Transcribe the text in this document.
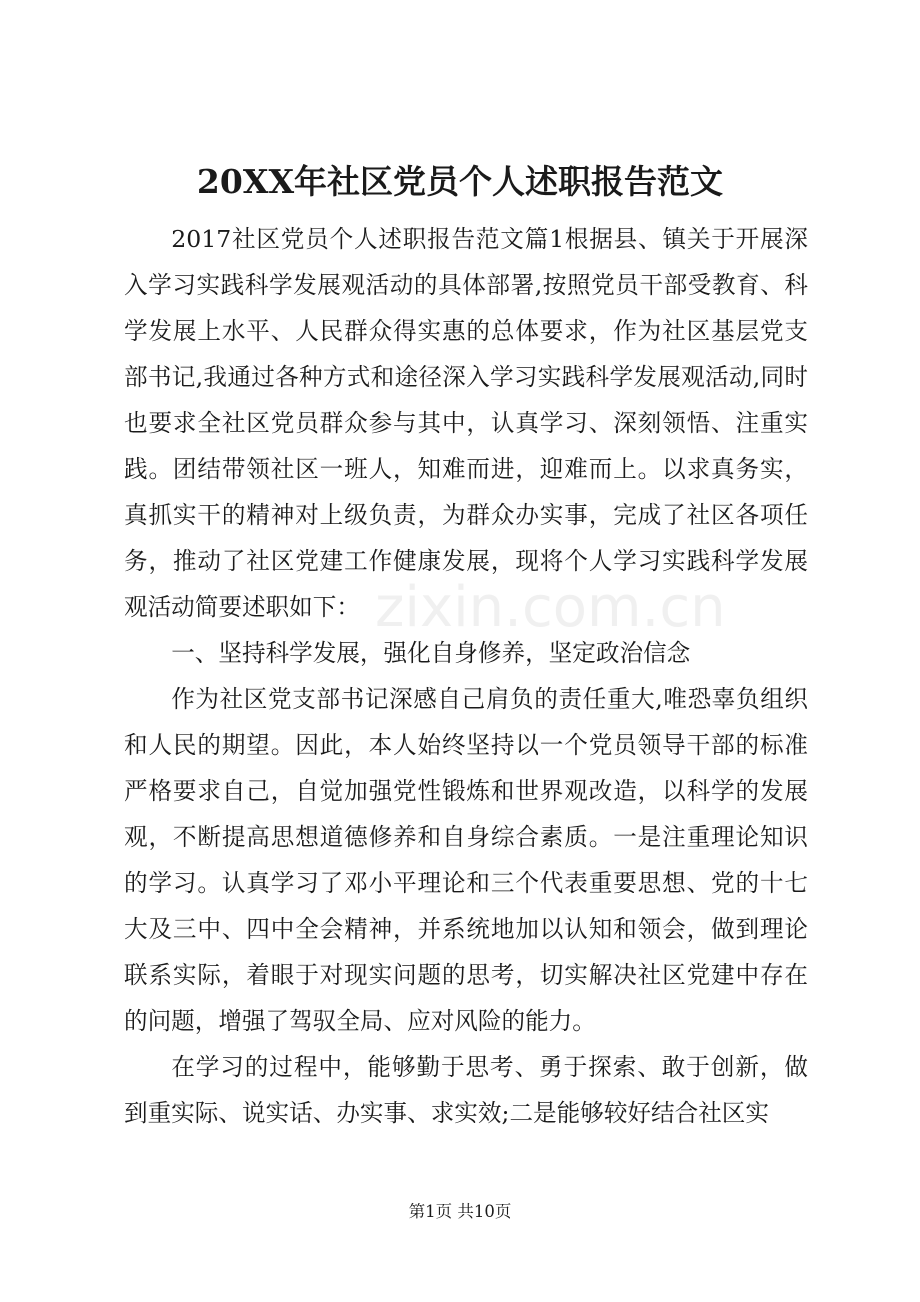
20XX年社区党员个人述职报告范文

2017社区党员个人述职报告范文篇1根据县、镇关于开展深入学习实践科学发展观活动的具体部署,按照党员干部受教育、科学发展上水平、人民群众得实惠的总体要求，作为社区基层党支部书记,我通过各种方式和途径深入学习实践科学发展观活动,同时也要求全社区党员群众参与其中，认真学习、深刻领悟、注重实践。团结带领社区一班人，知难而进，迎难而上。以求真务实，真抓实干的精神对上级负责，为群众办实事，完成了社区各项任务，推动了社区党建工作健康发展，现将个人学习实践科学发展观活动简要述职如下：

一、坚持科学发展，强化自身修养，坚定政治信念

作为社区党支部书记深感自己肩负的责任重大,唯恐辜负组织和人民的期望。因此，本人始终坚持以一个党员领导干部的标准严格要求自己，自觉加强党性锻炼和世界观改造，以科学的发展观，不断提高思想道德修养和自身综合素质。一是注重理论知识的学习。认真学习了邓小平理论和三个代表重要思想、党的十七大及三中、四中全会精神，并系统地加以认知和领会，做到理论联系实际，着眼于对现实问题的思考，切实解决社区党建中存在的问题，增强了驾驭全局、应对风险的能力。

在学习的过程中，能够勤于思考、勇于探索、敢于创新，做到重实际、说实话、办实事、求实效;二是能够较好结合社区实

zixin.com.cn
第1页 共10页
